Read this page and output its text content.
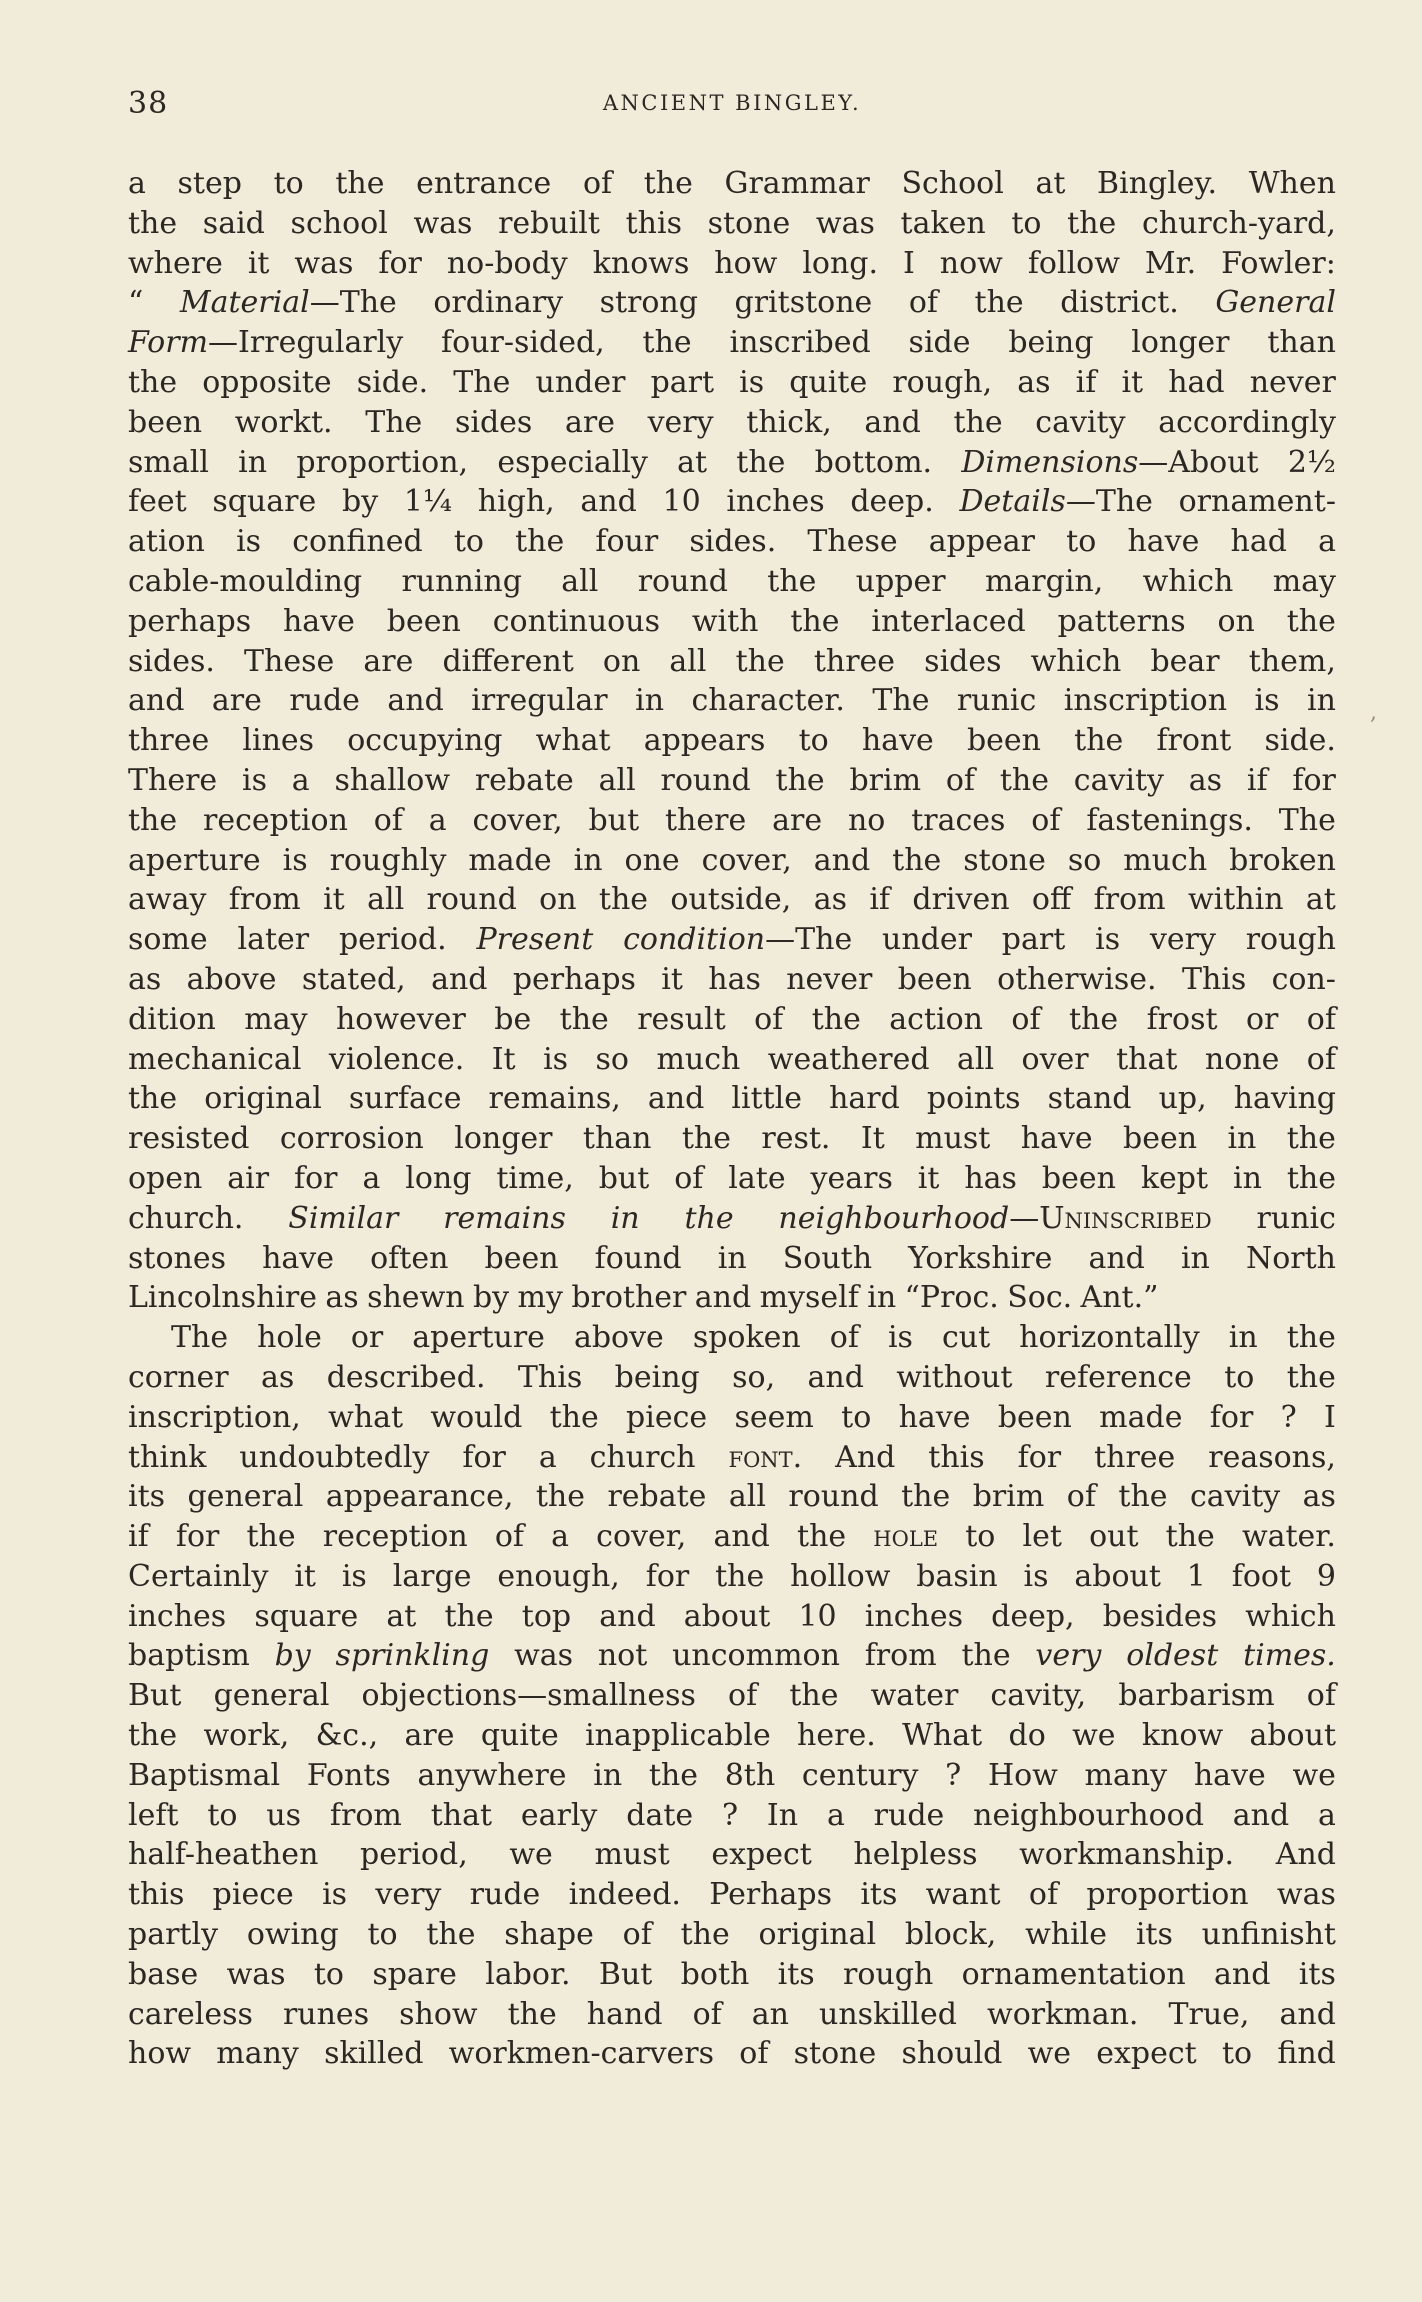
38	ANCIENT BINGLEY.
a step to the entrance of the Grammar School at Bingley. When
the said school was rebuilt this stone was taken to the church-yard,
where it was for no-body knows how long. I now follow Mr. Fowler:
“ Material—The ordinary strong gritstone of the district. General
Form—Irregularly four-sided, the inscribed side being longer than
the opposite side. The under part is quite rough, as if it had never
been workt. The sides are very thick, and the cavity accordingly
small in proportion, especially at the bottom. Dimensions—About 2½
feet square by 1¼ high, and 10 inches deep. Details—The ornament-
ation is confined to the four sides. These appear to have had a
cable-moulding running all round the upper margin, which may
perhaps have been continuous with the interlaced patterns on the
sides. These are different on all the three sides which bear them,
and are rude and irregular in character. The runic inscription is in
three lines occupying what appears to have been the front side.
There is a shallow rebate all round the brim of the cavity as if for
the reception of a cover, but there are no traces of fastenings. The
aperture is roughly made in one cover, and the stone so much broken
away from it all round on the outside, as if driven off from within at
some later period. Present condition—The under part is very rough
as above stated, and perhaps it has never been otherwise. This con-
dition may however be the result of the action of the frost or of
mechanical violence. It is so much weathered all over that none of
the original surface remains, and little hard points stand up, having
resisted corrosion longer than the rest. It must have been in the
open air for a long time, but of late years it has been kept in the
church. Similar remains in the neighbourhood—Uninscribed runic
stones have often been found in South Yorkshire and in North
Lincolnshire as shewn by my brother and myself in “Proc. Soc. Ant.”
The hole or aperture above spoken of is cut horizontally in the
corner as described. This being so, and without reference to the
inscription, what would the piece seem to have been made for ? I
think undoubtedly for a church font. And this for three reasons,
its general appearance, the rebate all round the brim of the cavity as
if for the reception of a cover, and the hole to let out the water.
Certainly it is large enough, for the hollow basin is about 1 foot 9
inches square at the top and about 10 inches deep, besides which
baptism by sprinkling was not uncommon from the very oldest times.
But general objections—smallness of the water cavity, barbarism of
the work, &c., are quite inapplicable here. What do we know about
Baptismal Fonts anywhere in the 8th century ? How many have we
left to us from that early date ? In a rude neighbourhood and a
half-heathen period, we must expect helpless workmanship. And
this piece is very rude indeed. Perhaps its want of proportion was
partly owing to the shape of the original block, while its unfinisht
base was to spare labor. But both its rough ornamentation and its
careless runes show the hand of an unskilled workman. True, and
how many skilled workmen-carvers of stone should we expect to find
,
